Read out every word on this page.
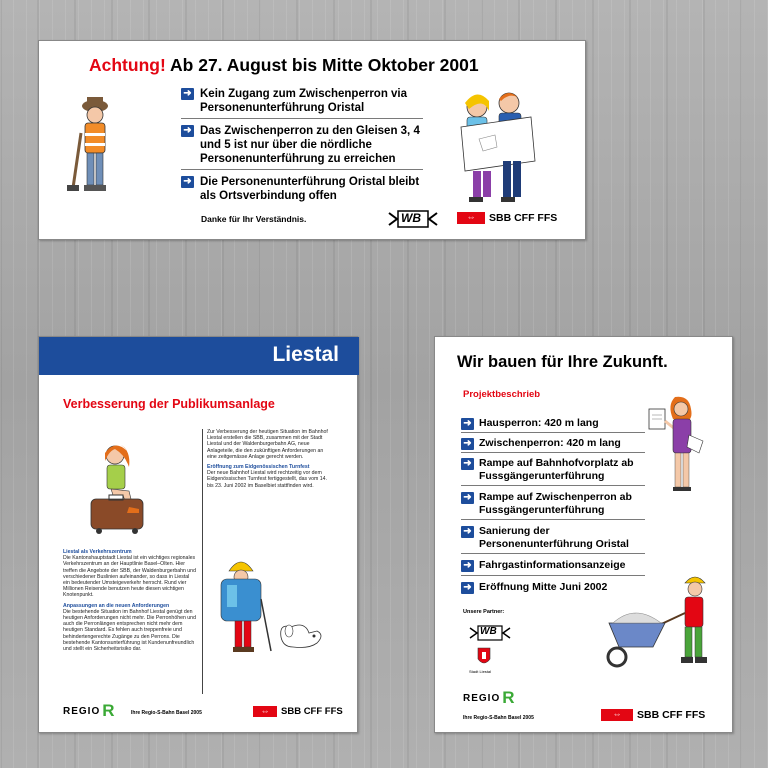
Achtung! Ab 27. August bis Mitte Oktober 2001
➜ Kein Zugang zum Zwischenperron via Personenunterführung Oristal
➜ Das Zwischenperron zu den Gleisen 3, 4 und 5 ist nur über die nördliche Personenunterführung zu erreichen
➜ Die Personenunterführung Oristal bleibt als Ortsverbindung offen
Danke für Ihr Verständnis.	WB	⇔	SBB CFF FFS
Liestal
Verbesserung der Publikumsanlage

Zur Verbesserung der heutigen Situation im Bahnhof Liestal erstellen die SBB, zusammen mit der Stadt Liestal und der Waldenburgerbahn AG, neue Anlageteile, die den zukünftigen Anforderungen an eine zeitgemässe Anlage gerecht werden.

Eröffnung zum Eidgenössischen Turnfest

Der neue Bahnhof Liestal wird rechtzeitig vor dem Eidgenössischen Turnfest fertiggestellt, das vom 14. bis 23. Juni 2002 im Baselbiet stattfinden wird.

Liestal als Verkehrszentrum

Die Kantonshauptstadt Liestal ist ein wichtiges regionales Verkehrszentrum an der Hauptlinie Basel–Olten. Hier treffen die Angebote der SBB, der Waldenburgerbahn und verschiedener Buslinien aufeinander, so dass in Liestal ein bedeutender Umsteigeverkehr herrscht. Rund vier Millionen Reisende benutzen heute diesen wichtigen Knotenpunkt.

Anpassungen an die neuen Anforderungen

Die bestehende Situation im Bahnhof Liestal genügt den heutigen Anforderungen nicht mehr. Die Perronhöhen und auch die Perronlängen entsprechen nicht mehr dem heutigen Standard. Es fehlen auch treppenfreie und behindertengerechte Zugänge zu den Perrons. Die bestehende Kantonsunterführung ist Kundenunfreundlich und stellt ein Sicherheitsrisiko dar.

REGIO R	Ihre Regio-S-Bahn Basel 2005	⇔	SBB CFF FFS
Wir bauen für Ihre Zukunft.
Projektbeschrieb
➜ Hausperron: 420 m lang
➜ Zwischenperron: 420 m lang
➜ Rampe auf Bahnhofvorplatz ab Fussgängerunterführung
➜ Rampe auf Zwischenperron ab Fussgängerunterführung
➜ Sanierung der Personenunterführung Oristal
➜ Fahrgastinformationsanzeige
➜ Eröffnung Mitte Juni 2002
Unsere Partner:
WB
Stadt Liestal
REGIO R
Ihre Regio-S-Bahn Basel 2005	⇔	SBB CFF FFS
